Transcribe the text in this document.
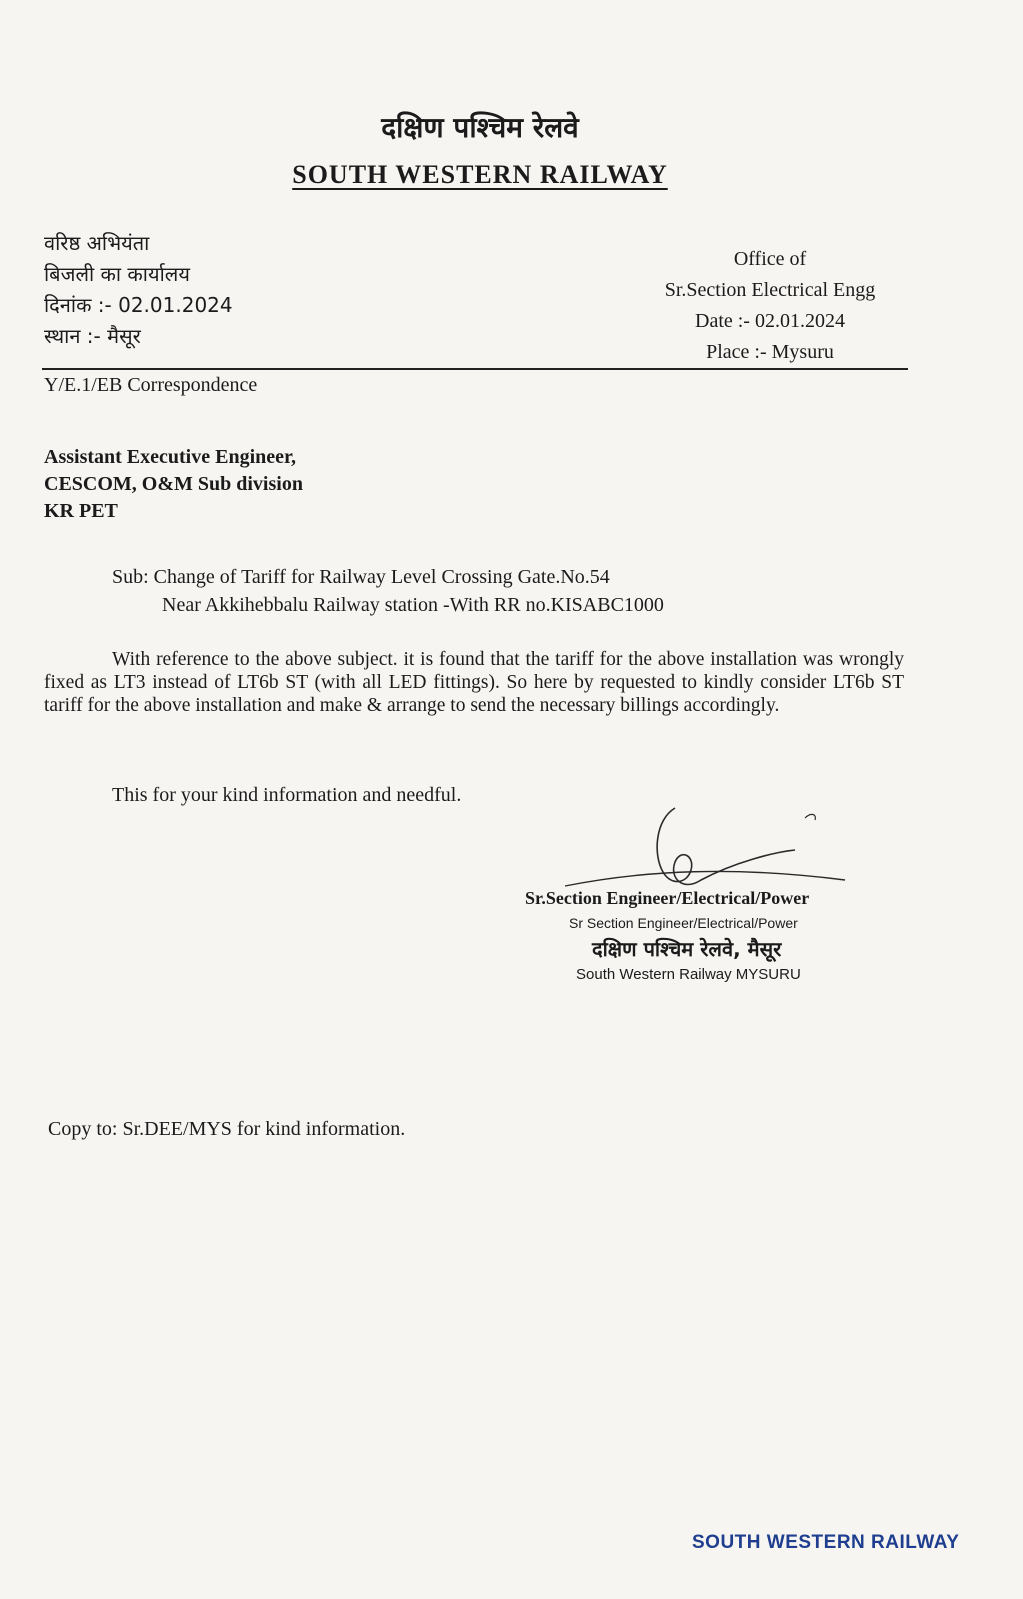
दक्षिण पश्चिम रेलवे
SOUTH WESTERN RAILWAY
वरिष्ठ अभियंता
बिजली का कार्यालय
दिनांक :- 02.01.2024
स्थान :- मैसूर
Office of
Sr.Section Electrical Engg
Date :- 02.01.2024
Place :- Mysuru
Y/E.1/EB Correspondence
Assistant Executive Engineer,
CESCOM, O&M Sub division
KR PET
Sub: Change of Tariff for Railway Level Crossing Gate.No.54
Near Akkihebbalu Railway station -With RR no.KISABC1000
With reference to the above subject. it is found that the tariff for the above installation was wrongly fixed as LT3 instead of LT6b ST (with all LED fittings). So here by requested to kindly consider LT6b ST tariff for the above installation and make & arrange to send the necessary billings accordingly.
This for your kind information and needful.
Sr.Section Engineer/Electrical/Power
Sr Section Engineer/Electrical/Power
दक्षिण पश्चिम रेलवे, मैसूर
South Western Railway MYSURU
Copy to: Sr.DEE/MYS for kind information.
SOUTH WESTERN RAILWAY
